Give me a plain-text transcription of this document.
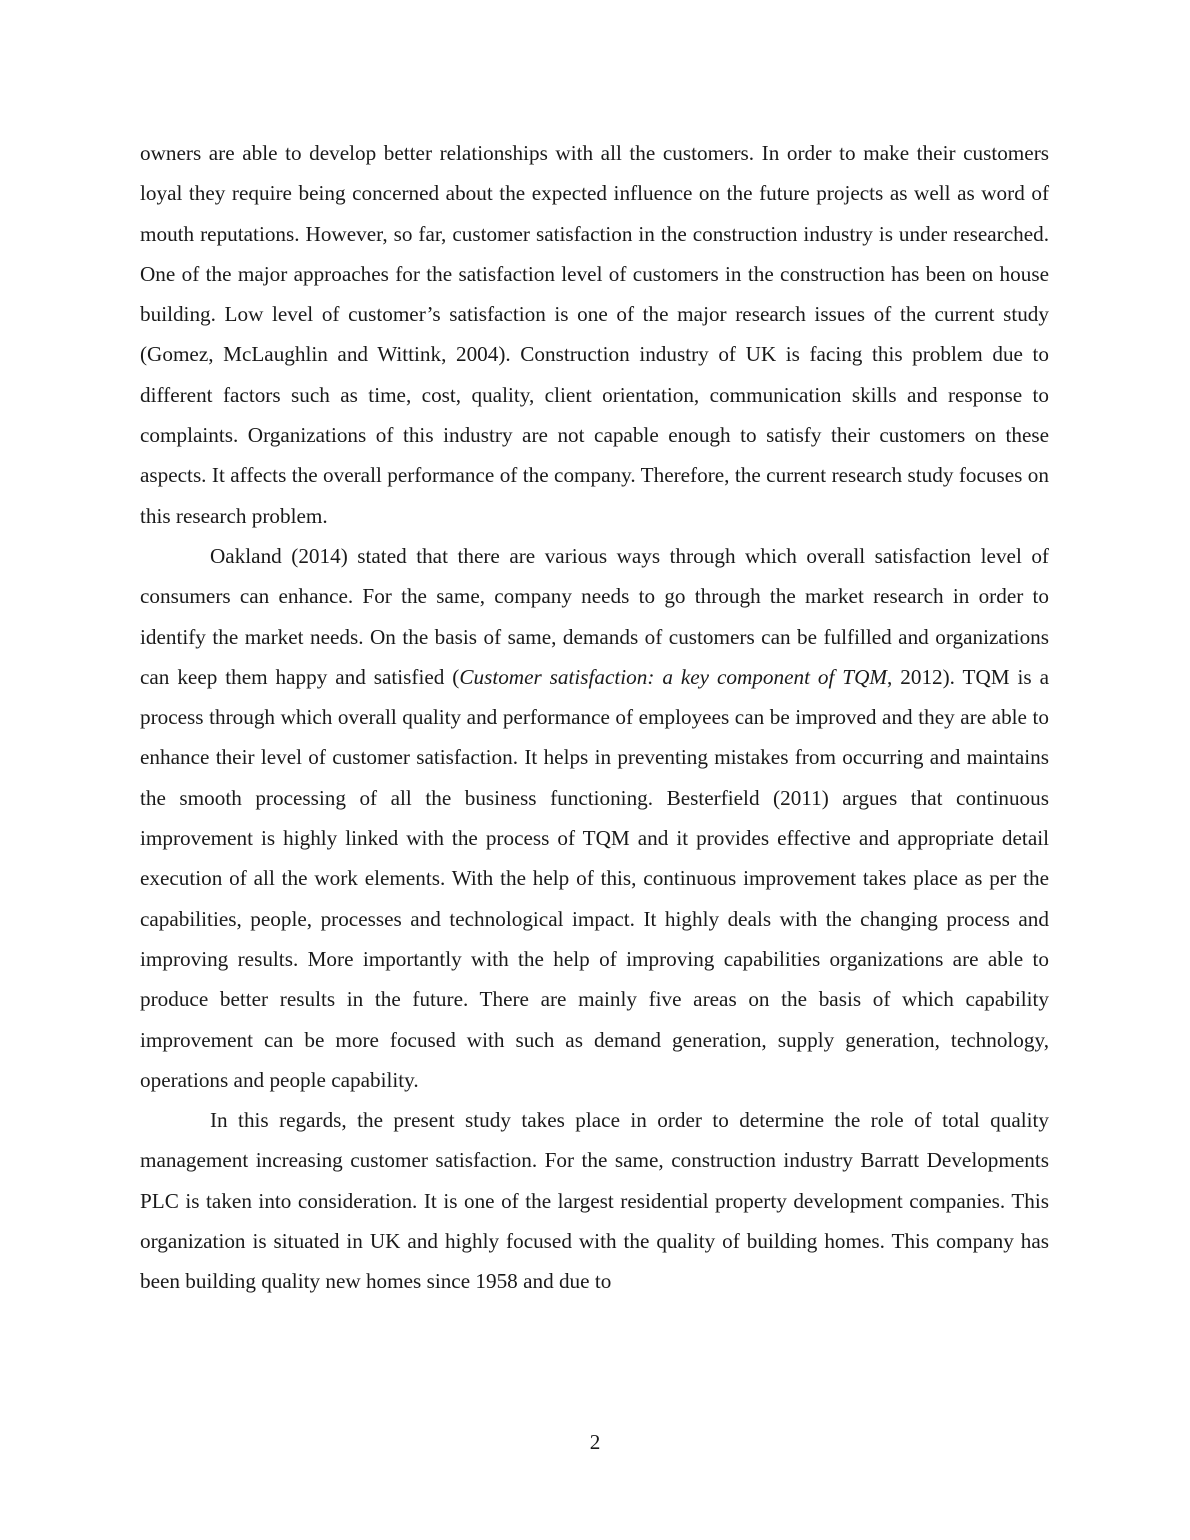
owners are able to develop better relationships with all the customers. In order to make their customers loyal they require being concerned about the expected influence on the future projects as well as word of mouth reputations. However, so far, customer satisfaction in the construction industry is under researched. One of the major approaches for the satisfaction level of customers in the construction has been on house building. Low level of customer’s satisfaction is one of the major research issues of the current study (Gomez, McLaughlin and Wittink, 2004). Construction industry of UK is facing this problem due to different factors such as time, cost, quality, client orientation, communication skills and response to complaints. Organizations of this industry are not capable enough to satisfy their customers on these aspects. It affects the overall performance of the company. Therefore, the current research study focuses on this research problem.

Oakland (2014) stated that there are various ways through which overall satisfaction level of consumers can enhance. For the same, company needs to go through the market research in order to identify the market needs. On the basis of same, demands of customers can be fulfilled and organizations can keep them happy and satisfied (Customer satisfaction: a key component of TQM, 2012). TQM is a process through which overall quality and performance of employees can be improved and they are able to enhance their level of customer satisfaction. It helps in preventing mistakes from occurring and maintains the smooth processing of all the business functioning. Besterfield (2011) argues that continuous improvement is highly linked with the process of TQM and it provides effective and appropriate detail execution of all the work elements. With the help of this, continuous improvement takes place as per the capabilities, people, processes and technological impact. It highly deals with the changing process and improving results. More importantly with the help of improving capabilities organizations are able to produce better results in the future. There are mainly five areas on the basis of which capability improvement can be more focused with such as demand generation, supply generation, technology, operations and people capability.

In this regards, the present study takes place in order to determine the role of total quality management increasing customer satisfaction. For the same, construction industry Barratt Developments PLC is taken into consideration. It is one of the largest residential property development companies. This organization is situated in UK and highly focused with the quality of building homes. This company has been building quality new homes since 1958 and due to

2
